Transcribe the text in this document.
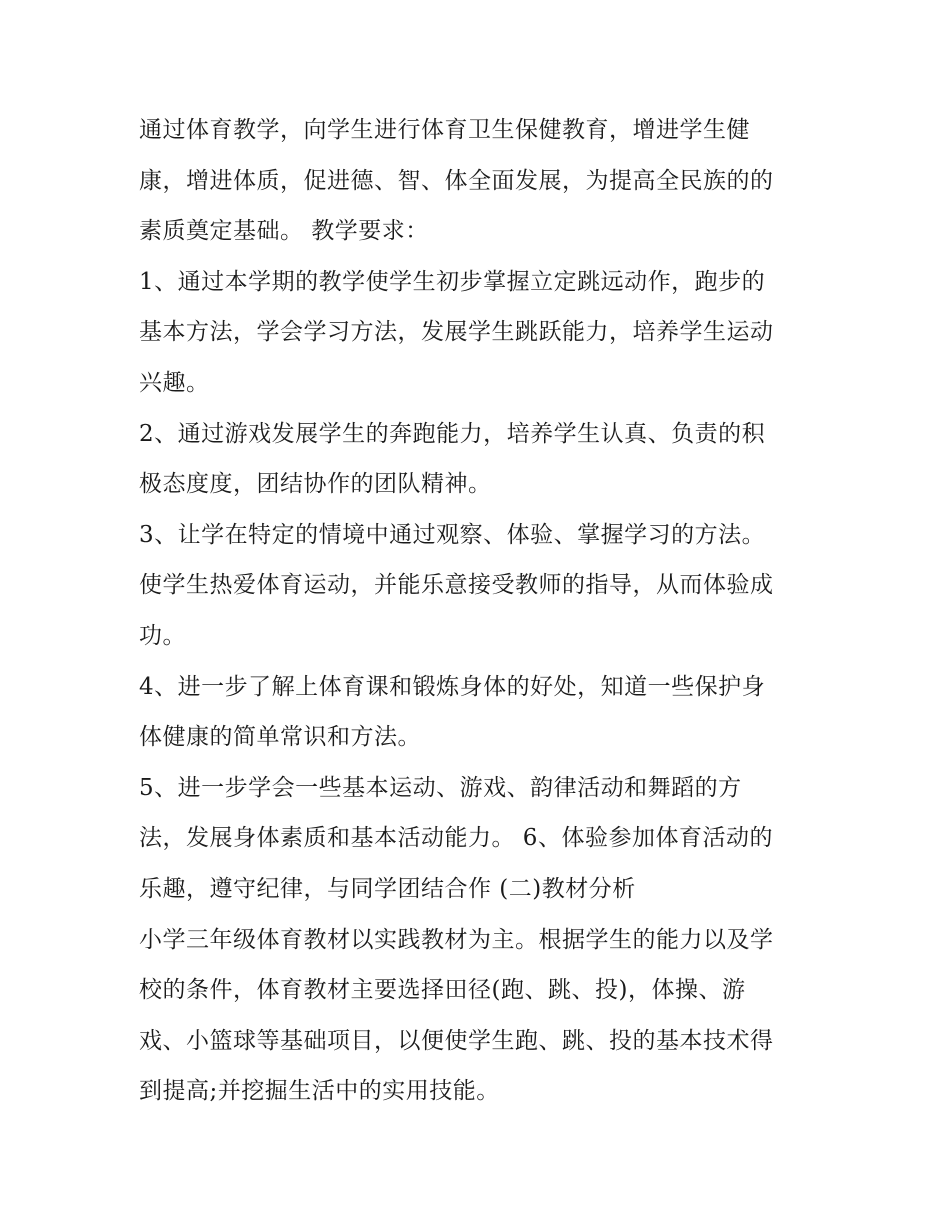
通过体育教学，向学生进行体育卫生保健教育，增进学生健
康，增进体质，促进德、智、体全面发展，为提高全民族的的
素质奠定基础。 教学要求：
1、通过本学期的教学使学生初步掌握立定跳远动作，跑步的
基本方法，学会学习方法，发展学生跳跃能力，培养学生运动
兴趣。
2、通过游戏发展学生的奔跑能力，培养学生认真、负责的积
极态度度，团结协作的团队精神。
3、让学在特定的情境中通过观察、体验、掌握学习的方法。
使学生热爱体育运动，并能乐意接受教师的指导，从而体验成
功。
4、进一步了解上体育课和锻炼身体的好处，知道一些保护身
体健康的简单常识和方法。
5、进一步学会一些基本运动、游戏、韵律活动和舞蹈的方
法，发展身体素质和基本活动能力。 6、体验参加体育活动的
乐趣，遵守纪律，与同学团结合作 (二)教材分析
小学三年级体育教材以实践教材为主。根据学生的能力以及学
校的条件，体育教材主要选择田径(跑、跳、投)，体操、游
戏、小篮球等基础项目，以便使学生跑、跳、投的基本技术得
到提高;并挖掘生活中的实用技能。
